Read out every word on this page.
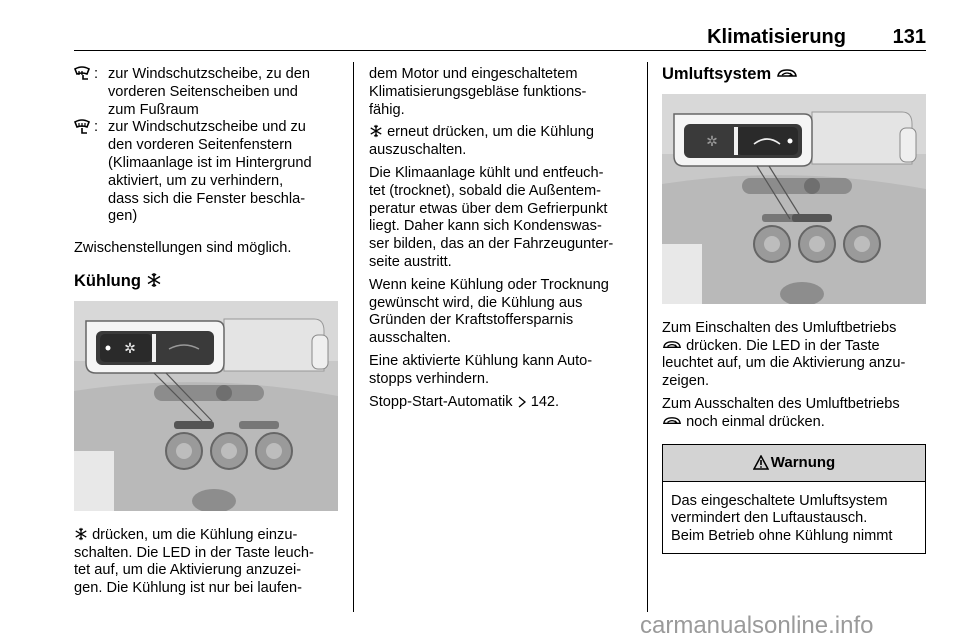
Klimatisierung 131
: zur Windschutzscheibe, zu den
vorderen Seitenscheiben und
zum Fußraum
: zur Windschutzscheibe und zu
den vorderen Seitenfenstern
(Klimaanlage ist im Hintergrund
aktiviert, um zu verhindern,
dass sich die Fenster beschla-
gen)

Zwischenstellungen sind möglich.

Kühlung
✲

drücken, um die Kühlung einzu-
schalten. Die LED in der Taste leuch-
tet auf, um die Aktivierung anzuzei-
gen. Die Kühlung ist nur bei laufen-

dem Motor und eingeschaltetem
Klimatisierungsgebläse funktions-
fähig.

erneut drücken, um die Kühlung
auszuschalten.

Die Klimaanlage kühlt und entfeuch-
tet (trocknet), sobald die Außentem-
peratur etwas über dem Gefrierpunkt
liegt. Daher kann sich Kondenswas-
ser bilden, das an der Fahrzeugunter-
seite austritt.

Wenn keine Kühlung oder Trocknung
gewünscht wird, die Kühlung aus
Gründen der Kraftstoffersparnis
ausschalten.

Eine aktivierte Kühlung kann Auto-
stopps verhindern.

Stopp-Start-Automatik 142.

Umluftsystem
✲

Zum Einschalten des Umluftbetriebs

drücken. Die LED in der Taste
leuchtet auf, um die Aktivierung anzu-
zeigen.

Zum Ausschalten des Umluftbetriebs
noch einmal drücken.

Warnung
Das eingeschaltete Umluftsystem
vermindert den Luftaustausch.
Beim Betrieb ohne Kühlung nimmt
carmanualsonline.info
